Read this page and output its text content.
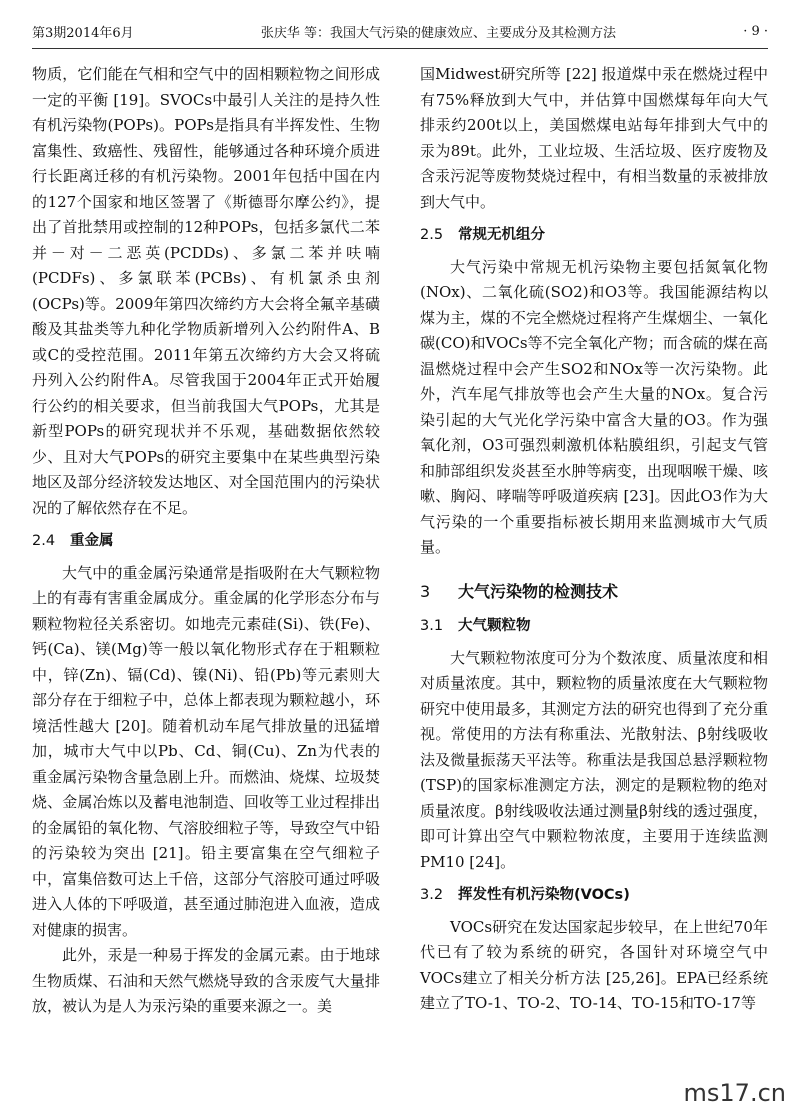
第3期2014年6月	张庆华 等：我国大气污染的健康效应、主要成分及其检测方法	· 9 ·

物质，它们能在气相和空气中的固相颗粒物之间形成一定的平衡 [19]。SVOCs中最引人关注的是持久性有机污染物(POPs)。POPs是指具有半挥发性、生物富集性、致癌性、残留性，能够通过各种环境介质进行长距离迁移的有机污染物。2001年包括中国在内的127个国家和地区签署了《斯德哥尔摩公约》，提出了首批禁用或控制的12种POPs，包括多氯代二苯并－对－二恶英(PCDDs)、多氯二苯并呋喃(PCDFs)、多氯联苯(PCBs)、有机氯杀虫剂(OCPs)等。2009年第四次缔约方大会将全氟辛基磺酸及其盐类等九种化学物质新增列入公约附件A、B或C的受控范围。2011年第五次缔约方大会又将硫丹列入公约附件A。尽管我国于2004年正式开始履行公约的相关要求，但当前我国大气POPs，尤其是新型POPs的研究现状并不乐观，基础数据依然较少、且对大气POPs的研究主要集中在某些典型污染地区及部分经济较发达地区、对全国范围内的污染状况的了解依然存在不足。

2.4 重金属

大气中的重金属污染通常是指吸附在大气颗粒物上的有毒有害重金属成分。重金属的化学形态分布与颗粒物粒径关系密切。如地壳元素硅(Si)、铁(Fe)、钙(Ca)、镁(Mg)等一般以氧化物形式存在于粗颗粒中，锌(Zn)、镉(Cd)、镍(Ni)、铅(Pb)等元素则大部分存在于细粒子中，总体上都表现为颗粒越小，环境活性越大 [20]。随着机动车尾气排放量的迅猛增加，城市大气中以Pb、Cd、铜(Cu)、Zn为代表的重金属污染物含量急剧上升。而燃油、烧煤、垃圾焚烧、金属冶炼以及蓄电池制造、回收等工业过程排出的金属铅的氧化物、气溶胶细粒子等，导致空气中铅的污染较为突出 [21]。铅主要富集在空气细粒子中，富集倍数可达上千倍，这部分气溶胶可通过呼吸进入人体的下呼吸道，甚至通过肺泡进入血液，造成对健康的损害。

此外，汞是一种易于挥发的金属元素。由于地球生物质煤、石油和天然气燃烧导致的含汞废气大量排放，被认为是人为汞污染的重要来源之一。美

国Midwest研究所等 [22] 报道煤中汞在燃烧过程中有75%释放到大气中，并估算中国燃煤每年向大气排汞约200t以上，美国燃煤电站每年排到大气中的汞为89t。此外，工业垃圾、生活垃圾、医疗废物及含汞污泥等废物焚烧过程中，有相当数量的汞被排放到大气中。

2.5 常规无机组分

大气污染中常规无机污染物主要包括氮氧化物(NOx)、二氧化硫(SO2)和O3等。我国能源结构以煤为主，煤的不完全燃烧过程将产生煤烟尘、一氧化碳(CO)和VOCs等不完全氧化产物；而含硫的煤在高温燃烧过程中会产生SO2和NOx等一次污染物。此外，汽车尾气排放等也会产生大量的NOx。复合污染引起的大气光化学污染中富含大量的O3。作为强氧化剂，O3可强烈刺激机体粘膜组织，引起支气管和肺部组织发炎甚至水肿等病变，出现咽喉干燥、咳嗽、胸闷、哮喘等呼吸道疾病 [23]。因此O3作为大气污染的一个重要指标被长期用来监测城市大气质量。

3 大气污染物的检测技术
3.1 大气颗粒物

大气颗粒物浓度可分为个数浓度、质量浓度和相对质量浓度。其中，颗粒物的质量浓度在大气颗粒物研究中使用最多，其测定方法的研究也得到了充分重视。常使用的方法有称重法、光散射法、β射线吸收法及微量振荡天平法等。称重法是我国总悬浮颗粒物(TSP)的国家标准测定方法，测定的是颗粒物的绝对质量浓度。β射线吸收法通过测量β射线的透过强度，即可计算出空气中颗粒物浓度，主要用于连续监测PM10 [24]。

3.2 挥发性有机污染物(VOCs)

VOCs研究在发达国家起步较早，在上世纪70年代已有了较为系统的研究，各国针对环境空气中VOCs建立了相关分析方法 [25,26]。EPA已经系统建立了TO-1、TO-2、TO-14、TO-15和TO-17等

ms17.cn
